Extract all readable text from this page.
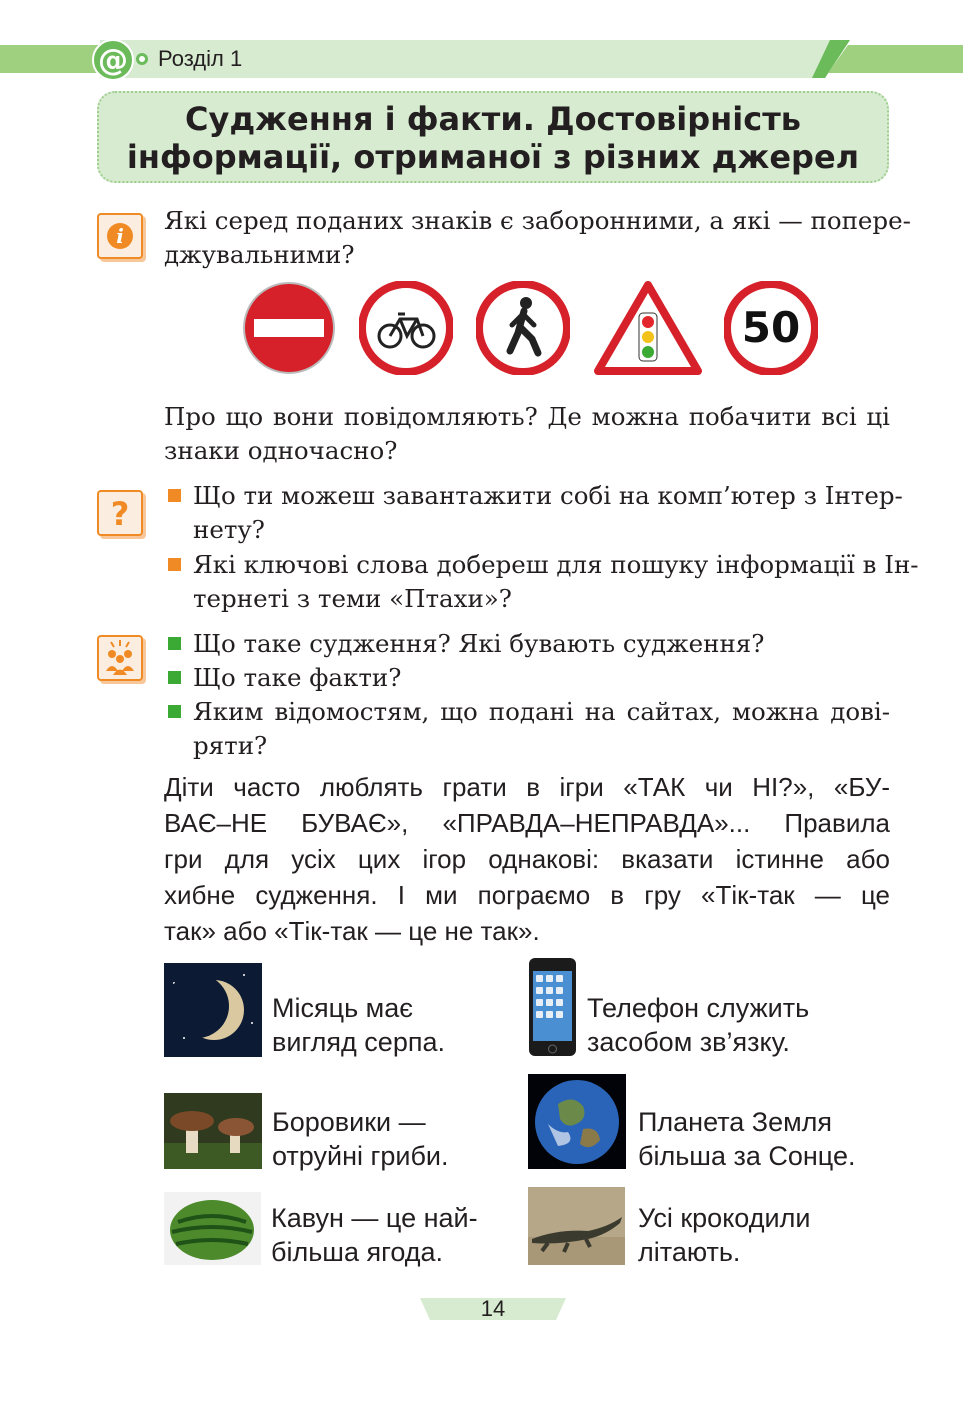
@ Розділ 1
Судження і факти. Достовірність
інформації, отриманої з різних джерел
i
Які серед поданих знаків є заборонними, а які — попере-
джувальними?
50
Про що вони повідомляють? Де можна побачити всі ці
знаки одночасно?
?	Що ти можеш завантажити собі на комп’ютер з Інтер-
нету?
Які ключові слова добереш для пошуку інформації в Ін-
тернеті з теми «Птахи»?
Що таке судження? Які бувають судження?
Що таке факти?
Яким відомостям, що подані на сайтах, можна дові-
ряти?
Діти часто люблять грати в ігри «ТАК чи НІ?», «БУ-
ВАЄ–НЕ БУВАЄ», «ПРАВДА–НЕПРАВДА»... Правила
гри для усіх цих ігор однакові: вказати істинне або
хибне судження. І ми пограємо в гру «Тік-так — це
так» або «Тік-так — це не так».
Місяць має
вигляд серпа.
Телефон служить
засобом зв’язку.
Боровики —
отруйні гриби.
Планета Земля
більша за Сонце.
Кавун — це най-
більша ягода.
Усі крокодили
літають.
14
